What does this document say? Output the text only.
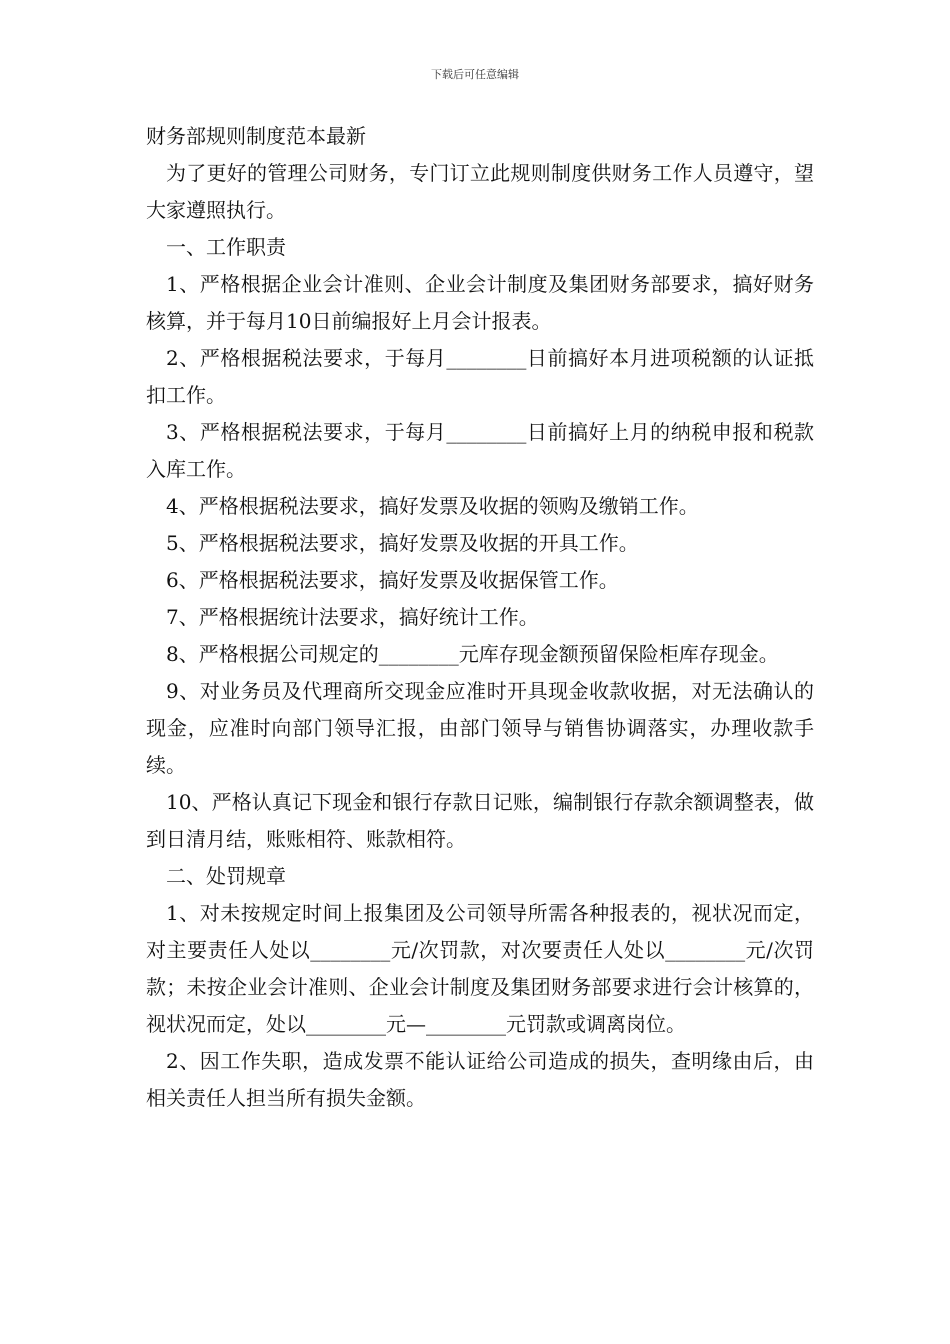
下载后可任意编辑

财务部规则制度范本最新

为了更好的管理公司财务，专门订立此规则制度供财务工作人员遵守，望大家遵照执行。

一、工作职责

1、严格根据企业会计准则、企业会计制度及集团财务部要求，搞好财务核算，并于每月10日前编报好上月会计报表。

2、严格根据税法要求，于每月________日前搞好本月进项税额的认证抵扣工作。

3、严格根据税法要求，于每月________日前搞好上月的纳税申报和税款入库工作。

4、严格根据税法要求，搞好发票及收据的领购及缴销工作。

5、严格根据税法要求，搞好发票及收据的开具工作。

6、严格根据税法要求，搞好发票及收据保管工作。

7、严格根据统计法要求，搞好统计工作。

8、严格根据公司规定的________元库存现金额预留保险柜库存现金。

9、对业务员及代理商所交现金应准时开具现金收款收据，对无法确认的现金，应准时向部门领导汇报，由部门领导与销售协调落实，办理收款手续。

10、严格认真记下现金和银行存款日记账，编制银行存款余额调整表，做到日清月结，账账相符、账款相符。

二、处罚规章

1、对未按规定时间上报集团及公司领导所需各种报表的，视状况而定，对主要责任人处以________元/次罚款，对次要责任人处以________元/次罚款；未按企业会计准则、企业会计制度及集团财务部要求进行会计核算的，视状况而定，处以________元—________元罚款或调离岗位。

2、因工作失职，造成发票不能认证给公司造成的损失，查明缘由后，由相关责任人担当所有损失金额。
